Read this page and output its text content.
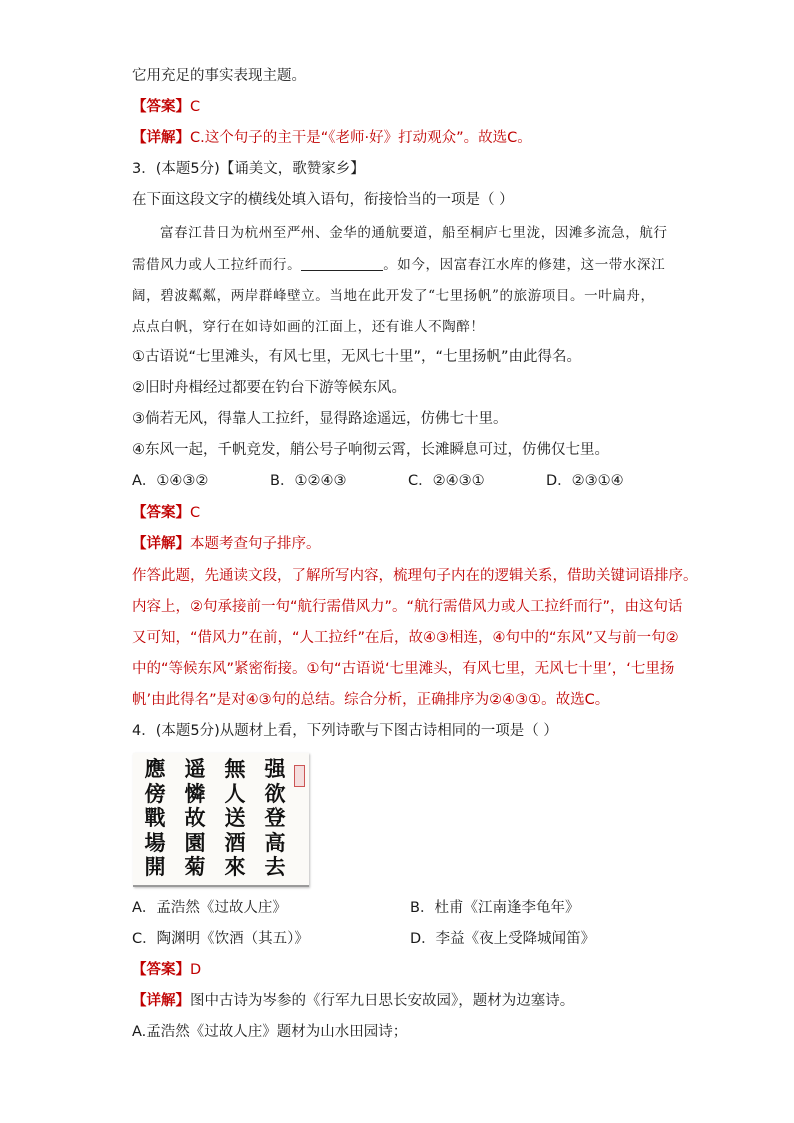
它用充足的事实表现主题。
【答案】C
【详解】C.这个句子的主干是“《老师·好》打动观众”。故选C。
3．(本题5分)【诵美文，歌赞家乡】
在下面这段文字的横线处填入语句，衔接恰当的一项是（ ）
富春江昔日为杭州至严州、金华的通航要道，船至桐庐七里泷，因滩多流急，航行
需借风力或人工拉纤而行。	。如今，因富春江水库的修建，这一带水深江
阔，碧波粼粼，两岸群峰壁立。当地在此开发了“七里扬帆”的旅游项目。一叶扁舟，
点点白帆，穿行在如诗如画的江面上，还有谁人不陶醉！
①古语说“七里滩头，有风七里，无风七十里”，“七里扬帆”由此得名。
②旧时舟楫经过都要在钓台下游等候东风。
③倘若无风，得靠人工拉纤，显得路途遥远，仿佛七十里。
④东风一起，千帆竞发，艄公号子响彻云霄，长滩瞬息可过，仿佛仅七里。
A．①④③②	B．①②④③	C．②④③①	D．②③①④
【答案】C
【详解】本题考查句子排序。
作答此题，先通读文段，了解所写内容，梳理句子内在的逻辑关系，借助关键词语排序。
内容上，②句承接前一句“航行需借风力”。“航行需借风力或人工拉纤而行”，由这句话
又可知，“借风力”在前，“人工拉纤”在后，故④③相连，④句中的“东风”又与前一句②
中的“等候东风”紧密衔接。①句“古语说‘七里滩头，有风七里，无风七十里’，‘七里扬
帆’由此得名”是对④③句的总结。综合分析，正确排序为②④③①。故选C。
4．(本题5分)从题材上看，下列诗歌与下图古诗相同的一项是（ ）
强
欲
登
高
去
無
人
送
酒
來
遥
憐
故
園
菊
應
傍
戰
場
開
A．孟浩然《过故人庄》	B．杜甫《江南逢李龟年》
C．陶渊明《饮酒（其五）》	D．李益《夜上受降城闻笛》
【答案】D
【详解】图中古诗为岑参的《行军九日思长安故园》，题材为边塞诗。
A.孟浩然《过故人庄》题材为山水田园诗；
